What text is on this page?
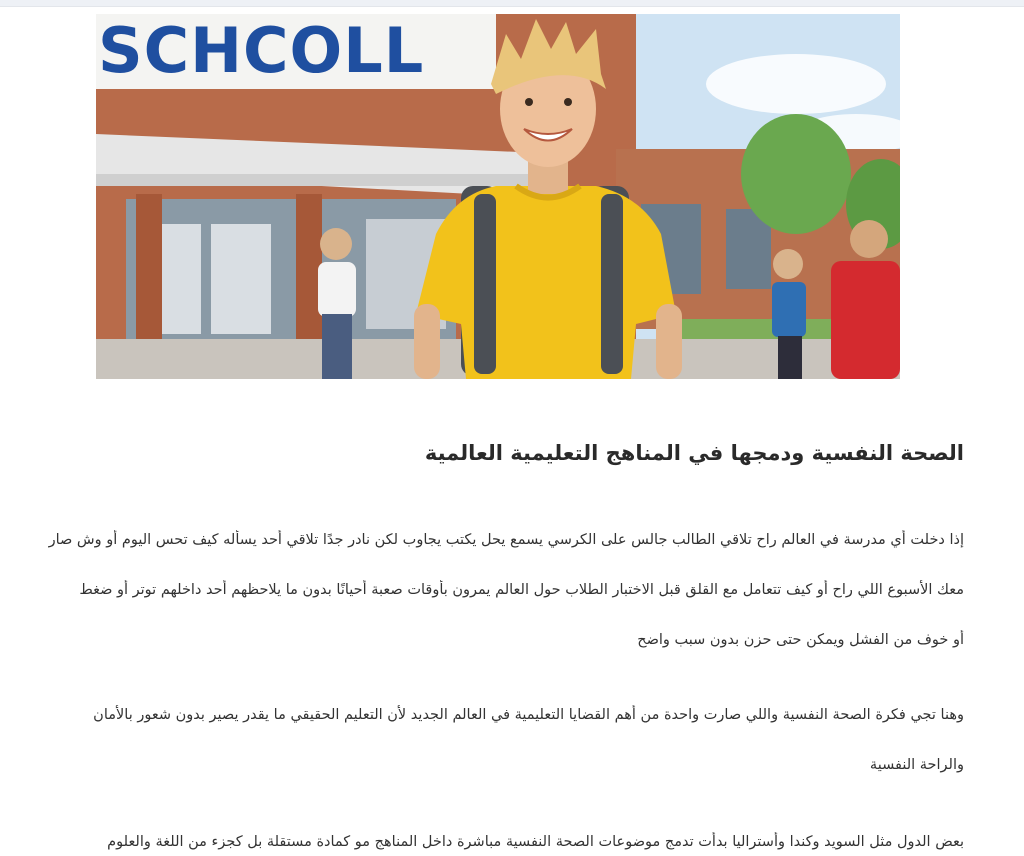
SCHCOLL
الصحة النفسية ودمجها في المناهج التعليمية العالمية

إذا دخلت أي مدرسة في العالم راح تلاقي الطالب جالس على الكرسي يسمع يحل يكتب يجاوب لكن نادر جدًا تلاقي أحد يسأله كيف تحس اليوم أو وش صار
معك الأسبوع اللي راح أو كيف تتعامل مع القلق قبل الاختبار الطلاب حول العالم يمرون بأوقات صعبة أحيانًا بدون ما يلاحظهم أحد داخلهم توتر أو ضغط
أو خوف من الفشل ويمكن حتى حزن بدون سبب واضح

وهنا تجي فكرة الصحة النفسية واللي صارت واحدة من أهم القضايا التعليمية في العالم الجديد لأن التعليم الحقيقي ما يقدر يصير بدون شعور بالأمان
والراحة النفسية

بعض الدول مثل السويد وكندا وأستراليا بدأت تدمج موضوعات الصحة النفسية مباشرة داخل المناهج مو كمادة مستقلة بل كجزء من اللغة والعلوم
